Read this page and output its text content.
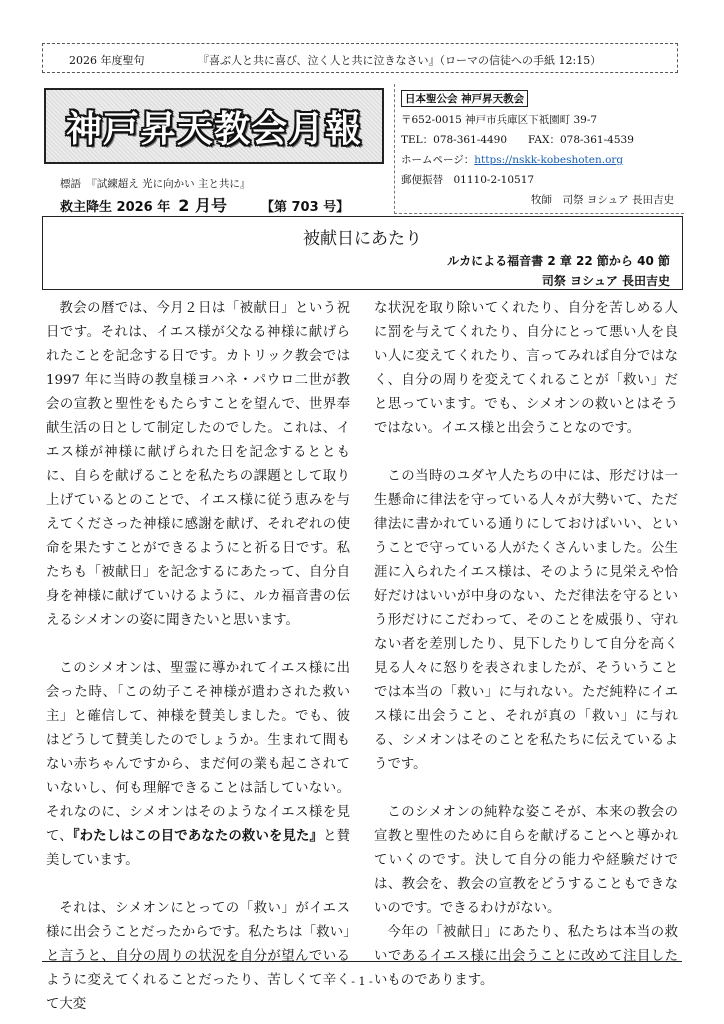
2026 年度聖句	『喜ぶ人と共に喜び、泣く人と共に泣きなさい』（ローマの信徒への手紙 12:15）
神戸昇天教会月報
標語　『試練超え 光に向かい 主と共に』
救主降生 2026 年 2 月号	【第 703 号】
日本聖公会 神戸昇天教会
〒652-0015 神戸市兵庫区下祇園町 39-7
TEL：078-361-4490　　FAX：078-361-4539
ホームページ：https://nskk-kobeshoten.org
郵便振替　01110-2-10517
牧師　司祭 ヨシュア 長田吉史
被献日にあたり
ルカによる福音書 2 章 22 節から 40 節
司祭 ヨシュア 長田吉史

教会の暦では、今月２日は「被献日」という祝日です。それは、イエス様が父なる神様に献げられたことを記念する日です。カトリック教会では 1997 年に当時の教皇様ヨハネ・パウロ二世が教会の宣教と聖性をもたらすことを望んで、世界奉献生活の日として制定したのでした。これは、イエス様が神様に献げられた日を記念するとともに、自らを献げることを私たちの課題として取り上げているとのことで、イエス様に従う恵みを与えてくださった神様に感謝を献げ、それぞれの使命を果たすことができるようにと祈る日です。私たちも「被献日」を記念するにあたって、自分自身を神様に献げていけるように、ルカ福音書の伝えるシメオンの姿に聞きたいと思います。

このシメオンは、聖霊に導かれてイエス様に出会った時、「この幼子こそ神様が遣わされた救い主」と確信して、神様を賛美しました。でも、彼はどうして賛美したのでしょうか。生まれて間もない赤ちゃんですから、まだ何の業も起こされていないし、何も理解できることは話していない。それなのに、シメオンはそのようなイエス様を見て、『わたしはこの目であなたの救いを見た』と賛美しています。

それは、シメオンにとっての「救い」がイエス様に出会うことだったからです。私たちは「救い」と言うと、自分の周りの状況を自分が望んでいるように変えてくれることだったり、苦しくて辛くて大変

な状況を取り除いてくれたり、自分を苦しめる人に罰を与えてくれたり、自分にとって悪い人を良い人に変えてくれたり、言ってみれば自分ではなく、自分の周りを変えてくれることが「救い」だと思っています。でも、シメオンの救いとはそうではない。イエス様と出会うことなのです。

この当時のユダヤ人たちの中には、形だけは一生懸命に律法を守っている人々が大勢いて、ただ律法に書かれている通りにしておけばいい、ということで守っている人がたくさんいました。公生涯に入られたイエス様は、そのように見栄えや恰好だけはいいが中身のない、ただ律法を守るという形だけにこだわって、そのことを威張り、守れない者を差別したり、見下したりして自分を高く見る人々に怒りを表されましたが、そういうことでは本当の「救い」に与れない。ただ純粋にイエス様に出会うこと、それが真の「救い」に与れる、シメオンはそのことを私たちに伝えているようです。

このシメオンの純粋な姿こそが、本来の教会の宣教と聖性のために自らを献げることへと導かれていくのです。決して自分の能力や経験だけでは、教会を、教会の宣教をどうすることもできないのです。できるわけがない。

今年の「被献日」にあたり、私たちは本当の救いであるイエス様に出会うことに改めて注目したいものであります。

- 1 -
